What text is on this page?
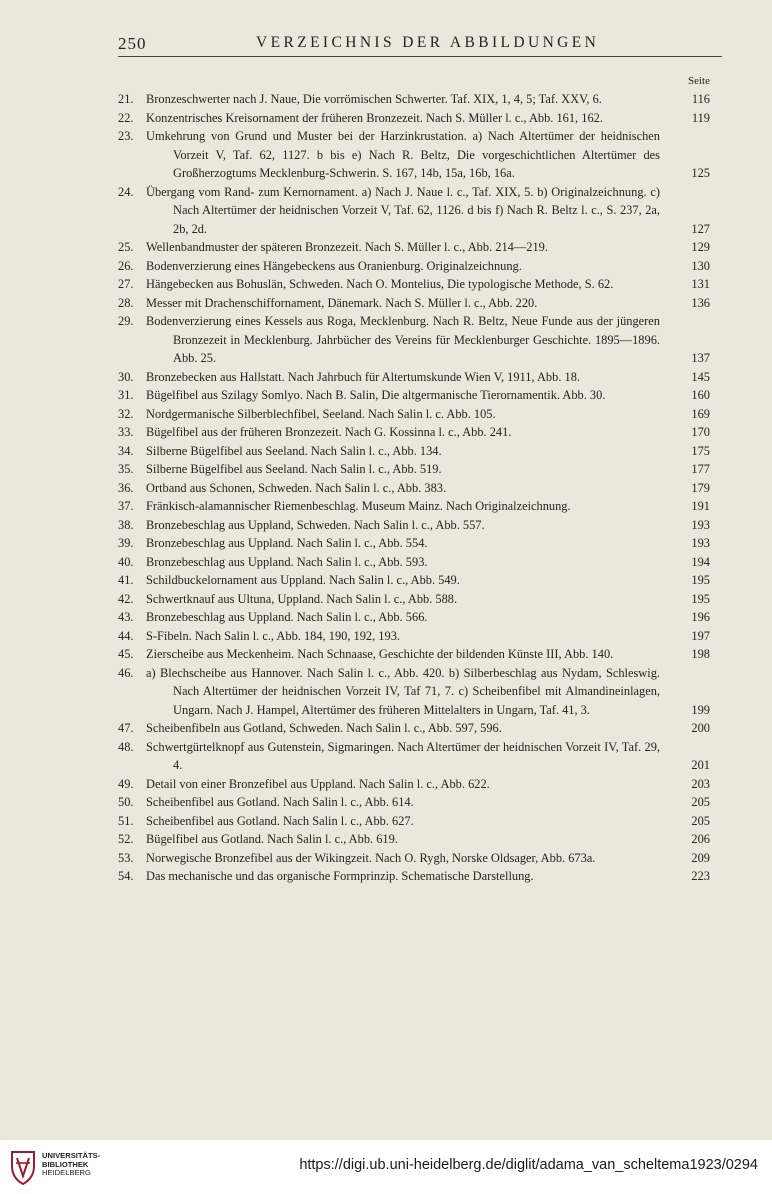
250	VERZEICHNIS DER ABBILDUNGEN
Seite
21. Bronzeschwerter nach J. Naue, Die vorrömischen Schwerter. Taf. XIX, 1, 4, 5; Taf. XXV, 6.	116
22. Konzentrisches Kreisornament der früheren Bronzezeit. Nach S. Müller l. c., Abb. 161, 162.	119
23. Umkehrung von Grund und Muster bei der Harzinkrustation. a) Nach Altertümer der heidnischen Vorzeit V, Taf. 62, 1127. b bis e) Nach R. Beltz, Die vorgeschichtlichen Altertümer des Großherzogtums Mecklenburg-Schwerin. S. 167, 14b, 15a, 16b, 16a.	125
24. Übergang vom Rand- zum Kernornament. a) Nach J. Naue l. c., Taf. XIX, 5. b) Originalzeichnung. c) Nach Altertümer der heidnischen Vorzeit V, Taf. 62, 1126. d bis f) Nach R. Beltz l. c., S. 237, 2a, 2b, 2d.	127
25. Wellenbandmuster der späteren Bronzezeit. Nach S. Müller l. c., Abb. 214—219.	129
26. Bodenverzierung eines Hängebeckens aus Oranienburg. Originalzeichnung.	130
27. Hängebecken aus Bohuslän, Schweden. Nach O. Montelius, Die typologische Methode, S. 62.	131
28. Messer mit Drachenschiffornament, Dänemark. Nach S. Müller l. c., Abb. 220.	136
29. Bodenverzierung eines Kessels aus Roga, Mecklenburg. Nach R. Beltz, Neue Funde aus der jüngeren Bronzezeit in Mecklenburg. Jahrbücher des Vereins für Mecklenburger Geschichte. 1895—1896. Abb. 25.	137
30. Bronzebecken aus Hallstatt. Nach Jahrbuch für Altertumskunde Wien V, 1911, Abb. 18.	145
31. Bügelfibel aus Szilagy Somlyo. Nach B. Salin, Die altgermanische Tierornamentik. Abb. 30.	160
32. Nordgermanische Silberblechfibel, Seeland. Nach Salin l. c. Abb. 105.	169
33. Bügelfibel aus der früheren Bronzezeit. Nach G. Kossinna l. c., Abb. 241.	170
34. Silberne Bügelfibel aus Seeland. Nach Salin l. c., Abb. 134.	175
35. Silberne Bügelfibel aus Seeland. Nach Salin l. c., Abb. 519.	177
36. Ortband aus Schonen, Schweden. Nach Salin l. c., Abb. 383.	179
37. Fränkisch-alamannischer Riemenbeschlag. Museum Mainz. Nach Originalzeichnung.	191
38. Bronzebeschlag aus Uppland, Schweden. Nach Salin l. c., Abb. 557.	193
39. Bronzebeschlag aus Uppland. Nach Salin l. c., Abb. 554.	193
40. Bronzebeschlag aus Uppland. Nach Salin l. c., Abb. 593.	194
41. Schildbuckelornament aus Uppland. Nach Salin l. c., Abb. 549.	195
42. Schwertknauf aus Ultuna, Uppland. Nach Salin l. c., Abb. 588.	195
43. Bronzebeschlag aus Uppland. Nach Salin l. c., Abb. 566.	196
44. S-Fibeln. Nach Salin l. c., Abb. 184, 190, 192, 193.	197
45. Zierscheibe aus Meckenheim. Nach Schnaase, Geschichte der bildenden Künste III, Abb. 140.	198
46. a) Blechscheibe aus Hannover. Nach Salin l. c., Abb. 420. b) Silberbeschlag aus Nydam, Schleswig. Nach Altertümer der heidnischen Vorzeit IV, Taf 71, 7. c) Scheibenfibel mit Almandineinlagen, Ungarn. Nach J. Hampel, Altertümer des früheren Mittelalters in Ungarn, Taf. 41, 3.	199
47. Scheibenfibeln aus Gotland, Schweden. Nach Salin l. c., Abb. 597, 596.	200
48. Schwertgürtelknopf aus Gutenstein, Sigmaringen. Nach Altertümer der heidnischen Vorzeit IV, Taf. 29, 4.	201
49. Detail von einer Bronzefibel aus Uppland. Nach Salin l. c., Abb. 622.	203
50. Scheibenfibel aus Gotland. Nach Salin l. c., Abb. 614.	205
51. Scheibenfibel aus Gotland. Nach Salin l. c., Abb. 627.	205
52. Bügelfibel aus Gotland. Nach Salin l. c., Abb. 619.	206
53. Norwegische Bronzefibel aus der Wikingzeit. Nach O. Rygh, Norske Oldsager, Abb. 673a.	209
54. Das mechanische und das organische Formprinzip. Schematische Darstellung.	223
UNIVERSITÄTS-
BIBLIOTHEK
HEIDELBERG	https://digi.ub.uni-heidelberg.de/diglit/adama_van_scheltema1923/0294
